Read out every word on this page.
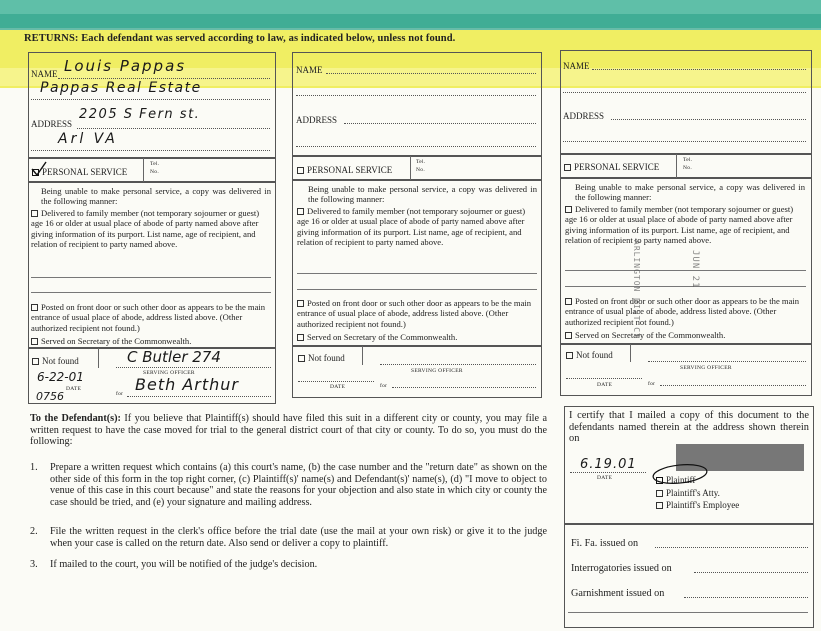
RETURNS: Each defendant was served according to law, as indicated below, unless not found.
NAME Louis Pappas
Pappas Real Estate
ADDRESS
2205 S Fern st.
Arl VA
PERSONAL SERVICE
Tel.
No.
Being unable to make personal service, a copy was delivered in the following manner:
Delivered to family member (not temporary sojourner or guest) age 16 or older at usual place of abode of party named above after giving information of its purport. List name, age of recipient, and relation of recipient to party named above.
Posted on front door or such other door as appears to be the main entrance of usual place of abode, address listed above. (Other authorized recipient not found.)
Served on Secretary of the Commonwealth.
Not found	C Butler 274
SERVING OFFICER
6-22-01
DATE
0756	for Beth Arthur
NAME
ADDRESS
PERSONAL SERVICE
Tel.
No.
Being unable to make personal service, a copy was delivered in the following manner:
Delivered to family member (not temporary sojourner or guest) age 16 or older at usual place of abode of party named above after giving information of its purport. List name, age of recipient, and relation of recipient to party named above.
Posted on front door or such other door as appears to be the main entrance of usual place of abode, address listed above. (Other authorized recipient not found.)
Served on Secretary of the Commonwealth.
Not found
SERVING OFFICER
DATE	for
NAME
ADDRESS
PERSONAL SERVICE
Tel.
No.
Being unable to make personal service, a copy was delivered in the following manner:
Delivered to family member (not temporary sojourner or guest) age 16 or older at usual place of abode of party named above after giving information of its purport. List name, age of recipient, and relation of recipient to party named above.
Posted on front door or such other door as appears to be the main entrance of usual place of abode, address listed above. (Other authorized recipient not found.)
Served on Secretary of the Commonwealth.
ARLINGTON DIST CT	JUN 21
Not found
SERVING OFFICER
DATE	for
To the Defendant(s): If you believe that Plaintiff(s) should have filed this suit in a different city or county, you may file a written request to have the case moved for trial to the general district court of that city or county. To do so, you must do the following:
1. Prepare a written request which contains (a) this court's name, (b) the case number and the "return date" as shown on the other side of this form in the top right corner, (c) Plaintiff(s)' name(s) and Defendant(s)' name(s), (d) "I move to object to venue of this case in this court because" and state the reasons for your objection and also state in which city or county the case should be tried, and (e) your signature and mailing address.
2. File the written request in the clerk's office before the trial date (use the mail at your own risk) or give it to the judge when your case is called on the return date. Also send or deliver a copy to plaintiff.
3. If mailed to the court, you will be notified of the judge's decision.
I certify that I mailed a copy of this document to the defendants named therein at the address shown therein on
6.19.01
DATE	Plaintiff
Plaintiff's Atty.
Plaintiff's Employee
Fi. Fa. issued on
Interrogatories issued on
Garnishment issued on
